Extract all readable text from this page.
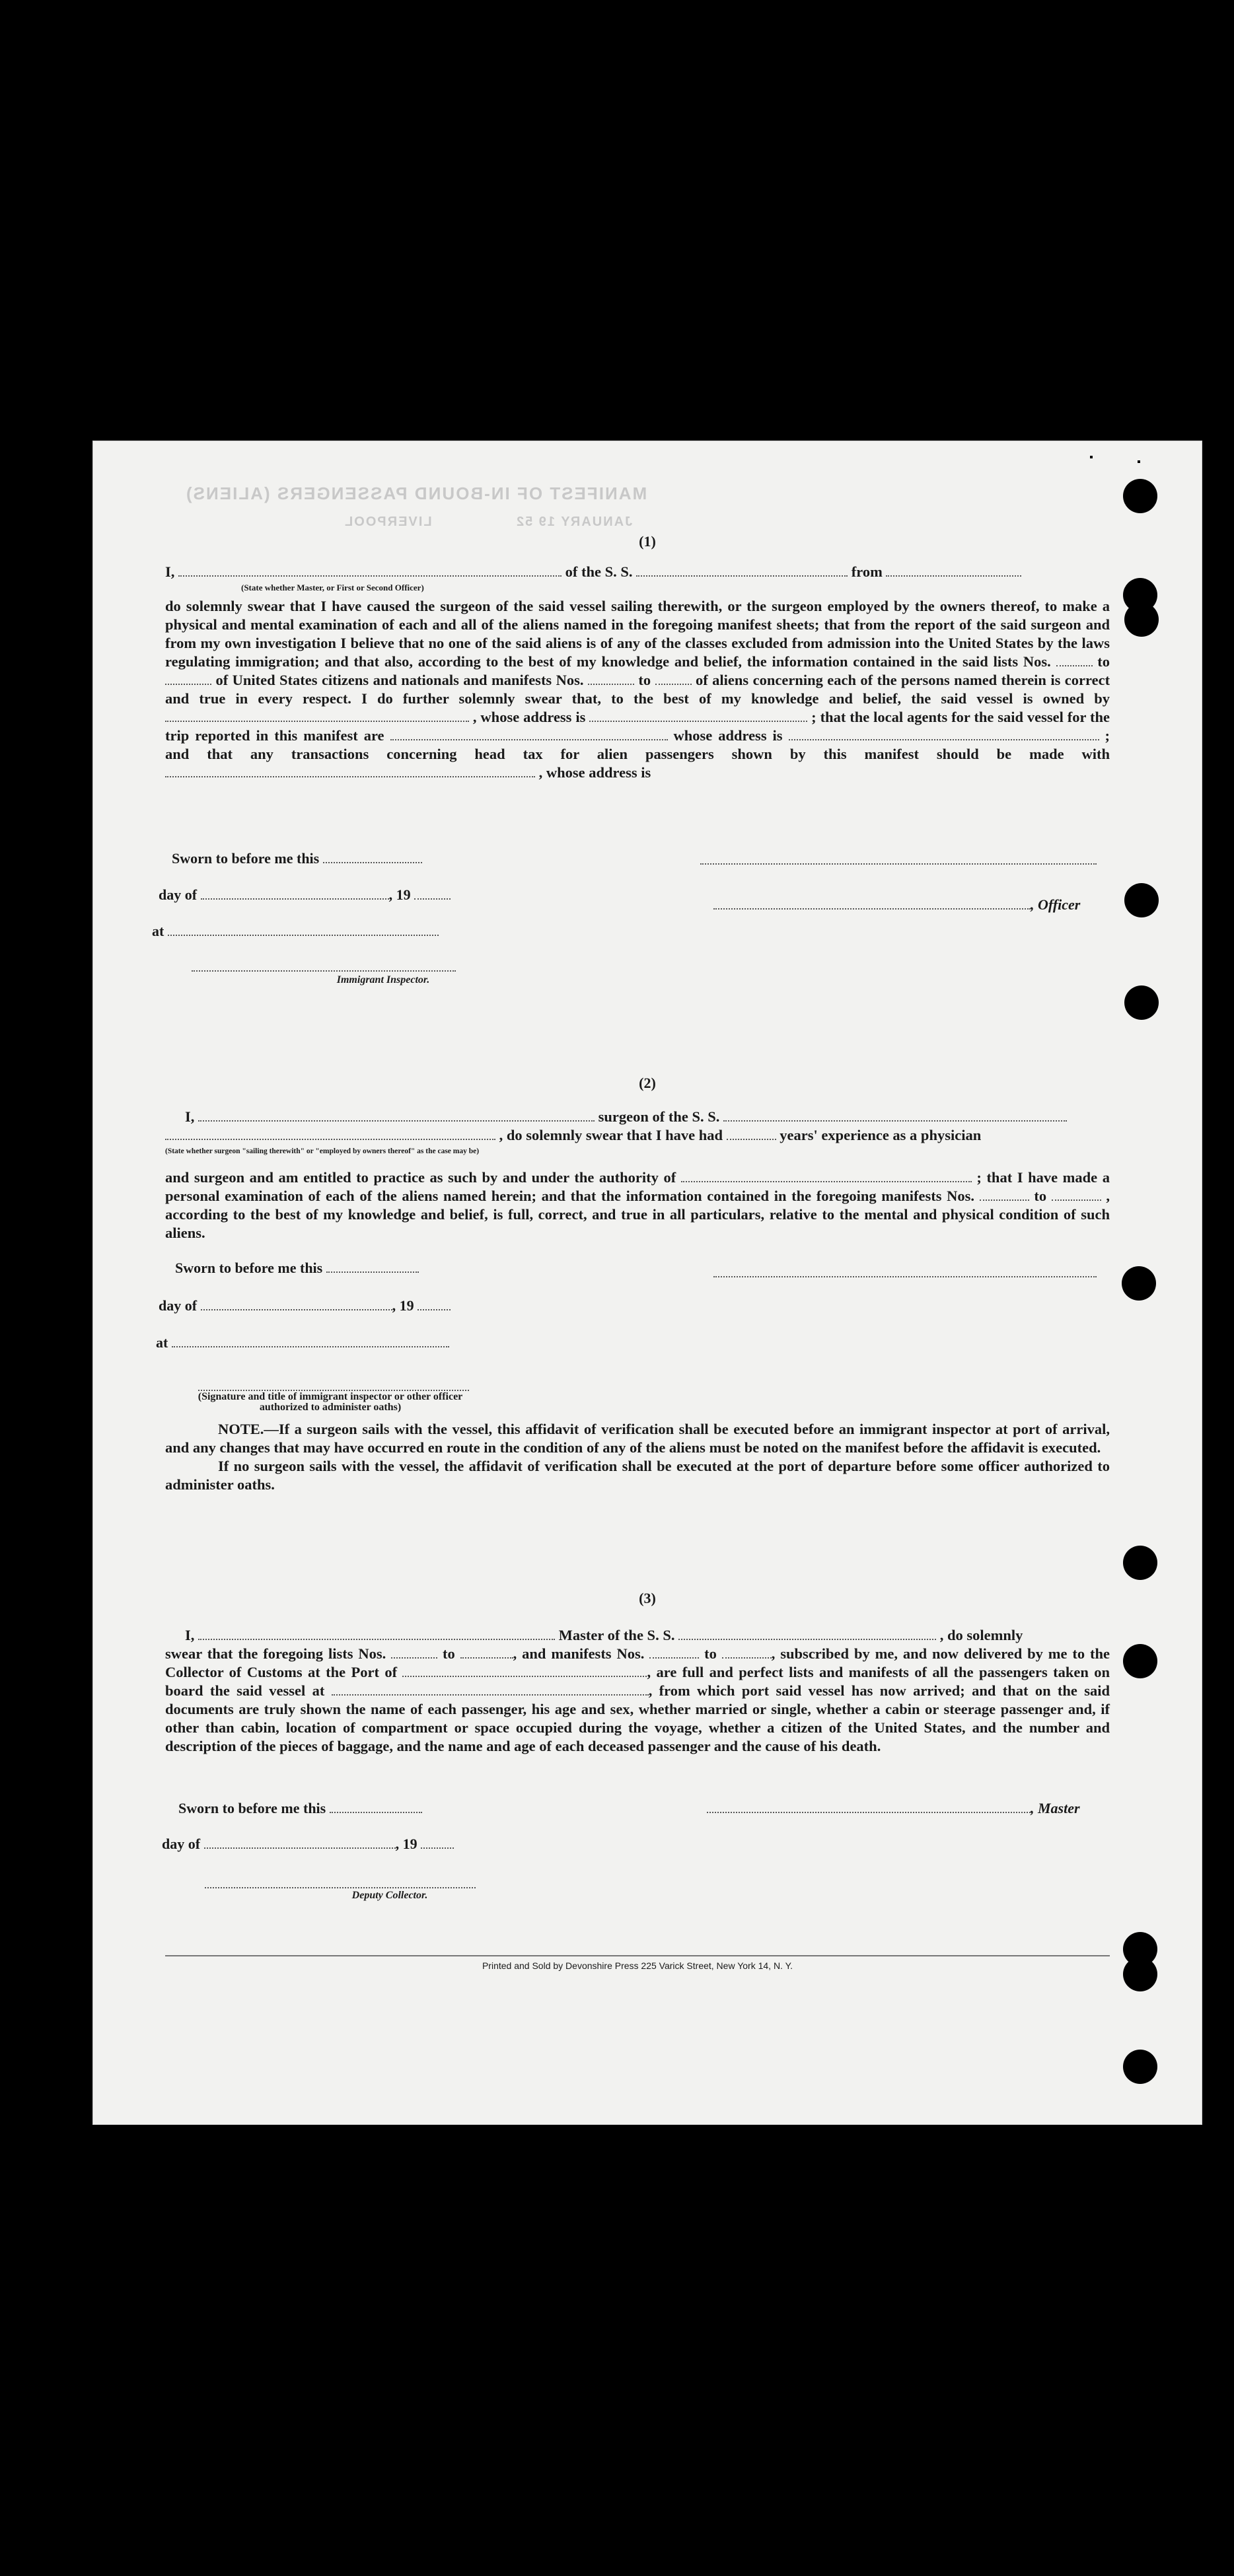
MANIFEST OF IN-BOUND PASSENGERS (ALIENS)
LIVERPOOL	JANUARY 19 52
(1)
I,	of the S. S.	from
(State whether Master, or First or Second Officer)
do solemnly swear that I have caused the surgeon of the said vessel sailing therewith, or the surgeon employed by the owners thereof, to make a physical and mental examination of each and all of the aliens named in the foregoing manifest sheets; that from the report of the said surgeon and from my own investigation I believe that no one of the said aliens is of any of the classes excluded from admission into the United States by the laws regulating immigration; and that also, according to the best of my knowledge and belief, the information contained in the said lists Nos.	to  of United States citizens and nationals and manifests Nos.	to	of aliens concerning each of the persons named therein is correct and true in every respect. I do further solemnly swear that, to the best of my knowledge and belief, the said vessel is owned by  , whose address is	; that the local agents for the said vessel for the trip reported in this manifest are	whose address is	; and that any transactions concerning head tax for alien passengers shown by this manifest should be made with  , whose address is
Sworn to before me this
day of	, 19
at
Immigrant Inspector.
, Officer
(2)
I,	surgeon of the S. S.
, do solemnly swear that I have had	years' experience as a physician
(State whether surgeon "sailing therewith" or "employed by owners thereof" as the case may be)
and surgeon and am entitled to practice as such by and under the authority of	; that I have made a personal examination of each of the aliens named herein; and that the information contained in the foregoing manifests Nos.	to	, according to the best of my knowledge and belief, is full, correct, and true in all particulars, relative to the mental and physical condition of such aliens.
Sworn to before me this
day of	, 19
at
(Signature and title of immigrant inspector or other officer authorized to administer oaths)
NOTE.—If a surgeon sails with the vessel, this affidavit of verification shall be executed before an immigrant inspector at port of arrival, and any changes that may have occurred en route in the condition of any of the aliens must be noted on the manifest before the affidavit is executed.
If no surgeon sails with the vessel, the affidavit of verification shall be executed at the port of departure before some officer authorized to administer oaths.
(3)
I,	Master of the S. S.	, do solemnly
swear that the foregoing lists Nos.	to	, and manifests Nos.	to	, subscribed by me, and now delivered by me to the Collector of Customs at the Port of	, are full and perfect lists and manifests of all the passengers taken on board the said vessel at	, from which port said vessel has now arrived; and that on the said documents are truly shown the name of each passenger, his age and sex, whether married or single, whether a cabin or steerage passenger and, if other than cabin, location of compartment or space occupied during the voyage, whether a citizen of the United States, and the number and description of the pieces of baggage, and the name and age of each deceased passenger and the cause of his death.
Sworn to before me this	, Master
day of	, 19
Deputy Collector.
Printed and Sold by Devonshire Press 225 Varick Street, New York 14, N. Y.
